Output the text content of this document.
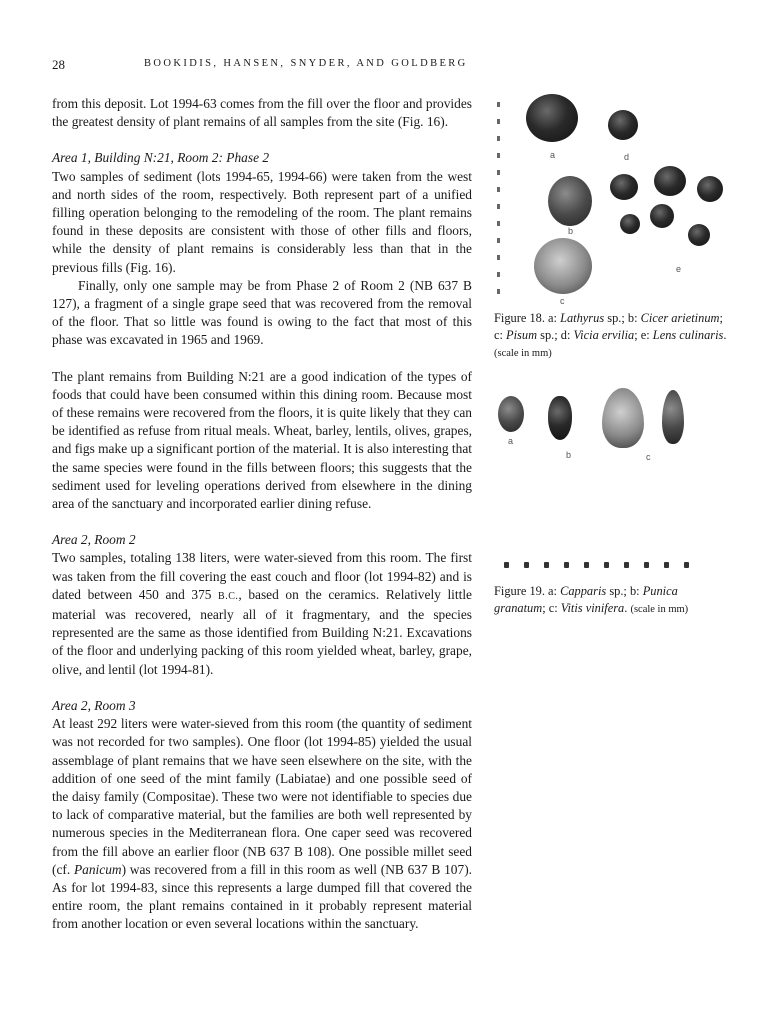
28	BOOKIDIS, HANSEN, SNYDER, AND GOLDBERG

from this deposit. Lot 1994-63 comes from the fill over the floor and provides the greatest density of plant remains of all samples from the site (Fig. 16).

Area 1, Building N:21, Room 2: Phase 2

Two samples of sediment (lots 1994-65, 1994-66) were taken from the west and north sides of the room, respectively. Both represent part of a unified filling operation belonging to the remodeling of the room. The plant remains found in these deposits are consistent with those of other fills and floors, while the density of plant remains is considerably less than that in the previous fills (Fig. 16).

Finally, only one sample may be from Phase 2 of Room 2 (NB 637 B 127), a fragment of a single grape seed that was recovered from the removal of the floor. That so little was found is owing to the fact that most of this phase was excavated in 1965 and 1969.

The plant remains from Building N:21 are a good indication of the types of foods that could have been consumed within this dining room. Because most of these remains were recovered from the floors, it is quite likely that they can be identified as refuse from ritual meals. Wheat, barley, lentils, olives, grapes, and figs make up a significant portion of the material. It is also interesting that the same species were found in the fills between floors; this suggests that the sediment used for leveling operations derived from elsewhere in the dining area of the sanctuary and incorporated earlier dining refuse.

Area 2, Room 2

Two samples, totaling 138 liters, were water-sieved from this room. The first was taken from the fill covering the east couch and floor (lot 1994-82) and is dated between 450 and 375 B.C., based on the ceramics. Relatively little material was recovered, nearly all of it fragmentary, and the species represented are the same as those identified from Building N:21. Excavations of the floor and underlying packing of this room yielded wheat, barley, grape, olive, and lentil (lot 1994-81).

Area 2, Room 3

At least 292 liters were water-sieved from this room (the quantity of sediment was not recorded for two samples). One floor (lot 1994-85) yielded the usual assemblage of plant remains that we have seen elsewhere on the site, with the addition of one seed of the mint family (Labiatae) and one possible seed of the daisy family (Compositae). These two were not identifiable to species due to lack of comparative material, but the families are both well represented by numerous species in the Mediterranean flora. One caper seed was recovered from the fill above an earlier floor (NB 637 B 108). One possible millet seed (cf. Panicum) was recovered from a fill in this room as well (NB 637 B 107). As for lot 1994-83, since this represents a large dumped fill that covered the entire room, the plant remains contained in it probably represent material from another location or even several locations within the sanctuary.

a	d
b
e
c
Figure 18. a: Lathyrus sp.; b: Cicer arietinum; c: Pisum sp.; d: Vicia ervilia; e: Lens culinaris. (scale in mm)
a
b	c
Figure 19. a: Capparis sp.; b: Punica granatum; c: Vitis vinifera. (scale in mm)
